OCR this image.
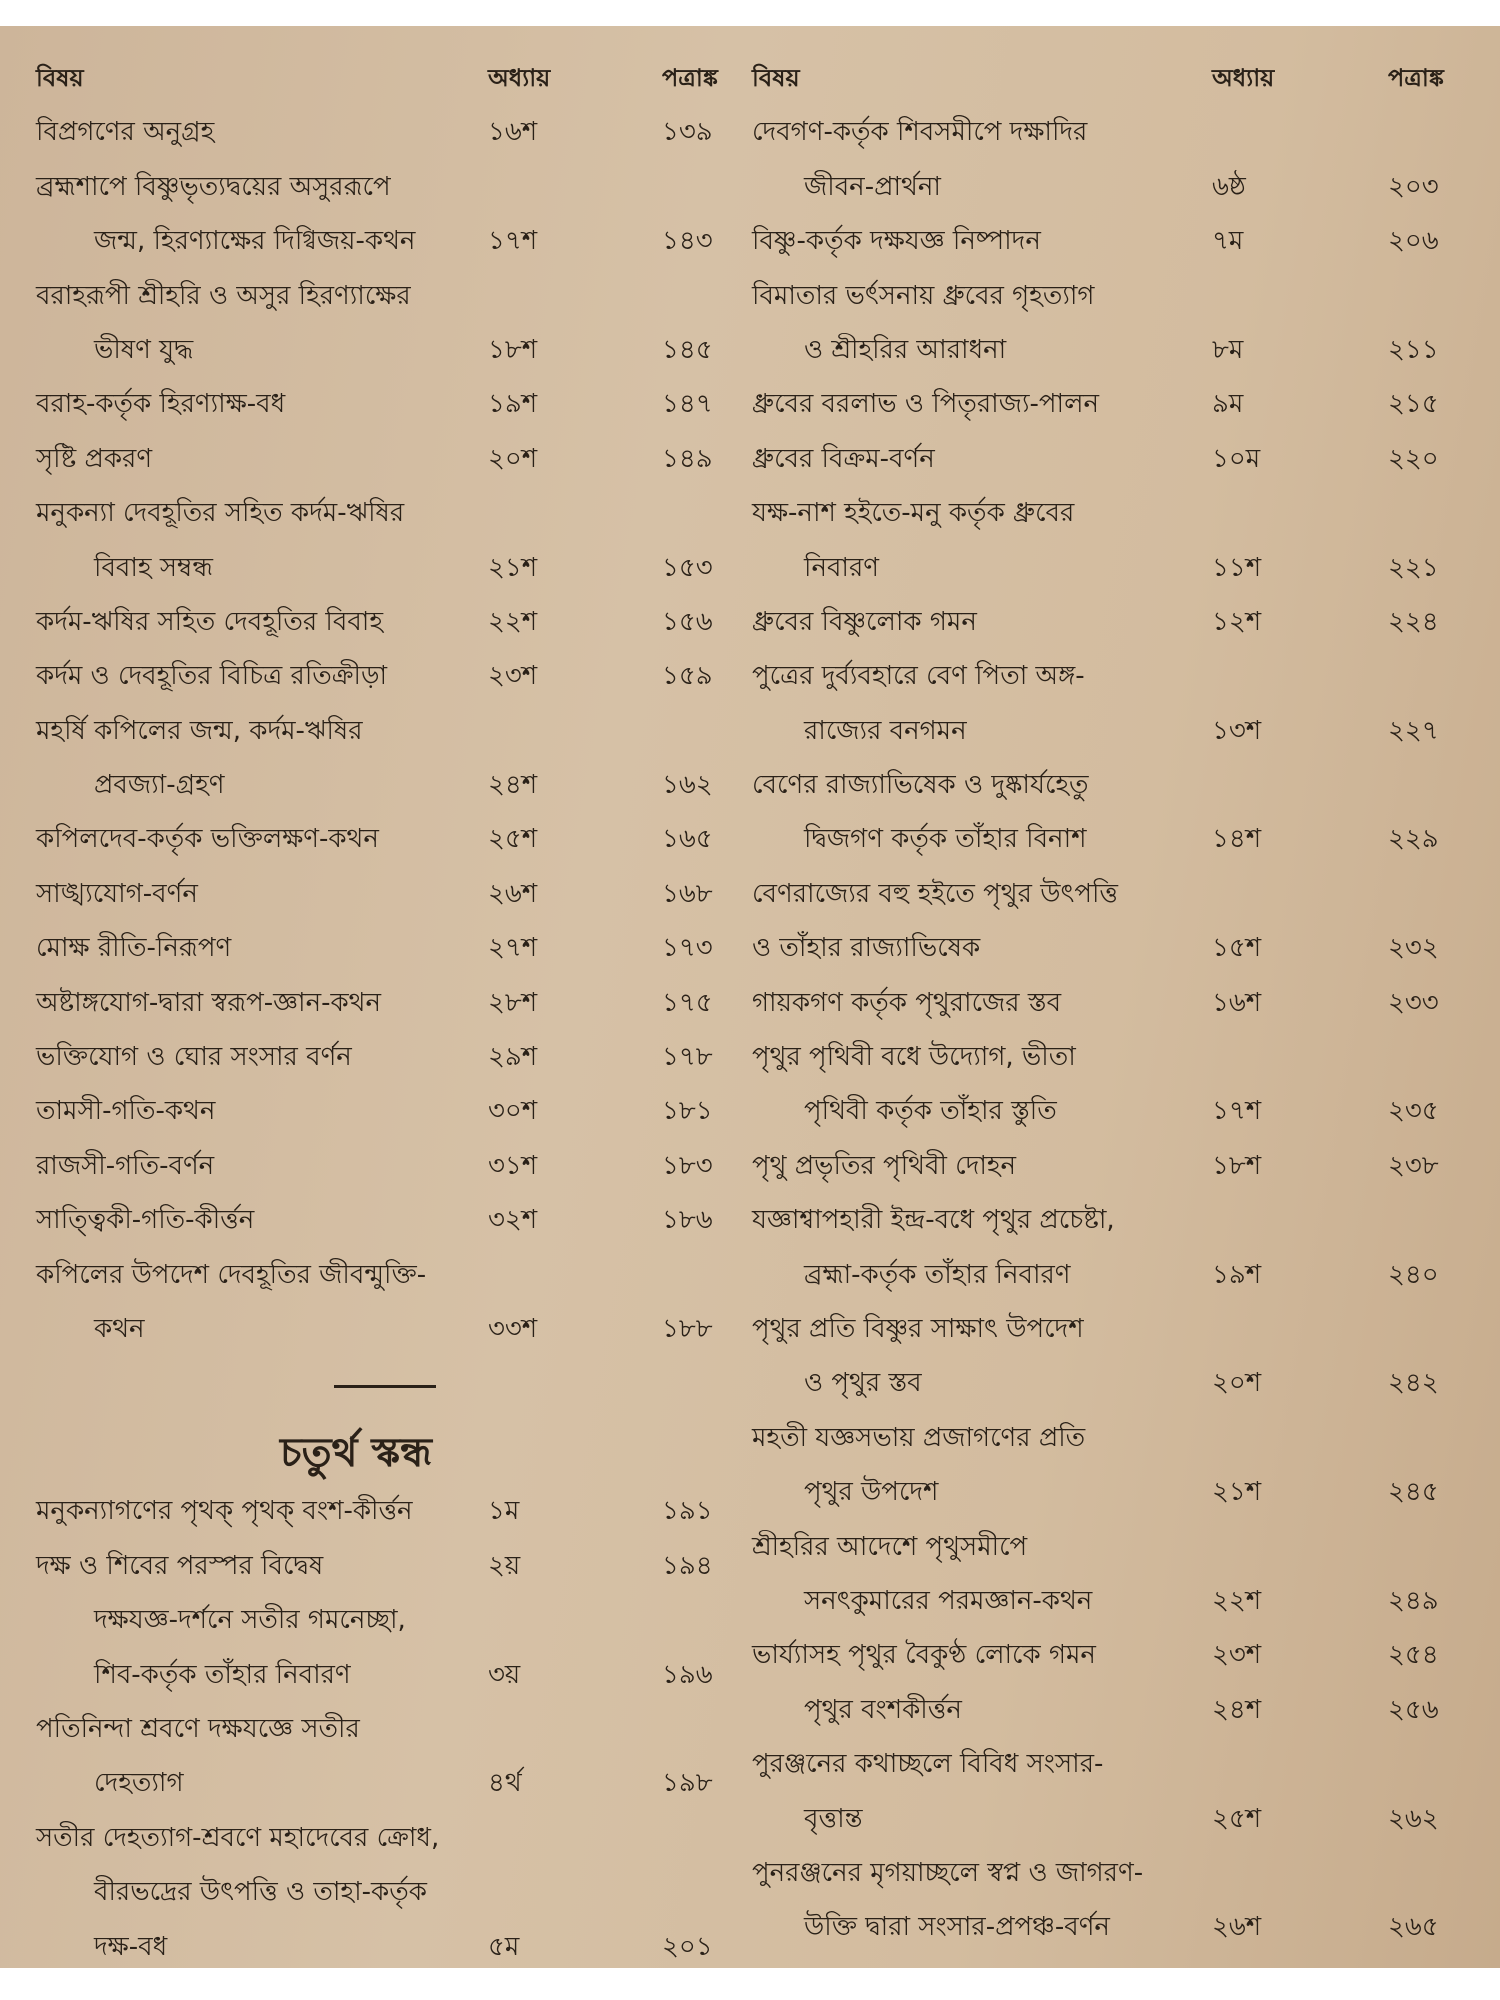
বিষয়	অধ্যায়	পত্রাঙ্ক
বিপ্রগণের অনুগ্রহ	১৬শ	১৩৯
ব্রহ্মশাপে বিষ্ণুভৃত্যদ্বয়ের অসুররূপে
জন্ম, হিরণ্যাক্ষের দিগ্বিজয়-কথন	১৭শ	১৪৩
বরাহরূপী শ্রীহরি ও অসুর হিরণ্যাক্ষের
ভীষণ যুদ্ধ	১৮শ	১৪৫
বরাহ-কর্তৃক হিরণ্যাক্ষ-বধ	১৯শ	১৪৭
সৃষ্টি প্রকরণ	২০শ	১৪৯
মনুকন্যা দেবহূতির সহিত কর্দম-ঋষির
বিবাহ সম্বন্ধ	২১শ	১৫৩
কর্দম-ঋষির সহিত দেবহূতির বিবাহ	২২শ	১৫৬
কর্দম ও দেবহূতির বিচিত্র রতিক্রীড়া	২৩শ	১৫৯
মহর্ষি কপিলের জন্ম, কর্দম-ঋষির
প্রবজ্যা-গ্রহণ	২৪শ	১৬২
কপিলদেব-কর্তৃক ভক্তিলক্ষণ-কথন	২৫শ	১৬৫
সাঙ্খ্যযোগ-বর্ণন	২৬শ	১৬৮
মোক্ষ রীতি-নিরূপণ	২৭শ	১৭৩
অষ্টাঙ্গযোগ-দ্বারা স্বরূপ-জ্ঞান-কথন	২৮শ	১৭৫
ভক্তিযোগ ও ঘোর সংসার বর্ণন	২৯শ	১৭৮
তামসী-গতি-কথন	৩০শ	১৮১
রাজসী-গতি-বর্ণন	৩১শ	১৮৩
সাত্ত্বিকী-গতি-কীর্ত্তন	৩২শ	১৮৬
কপিলের উপদেশ দেবহূতির জীবন্মুক্তি-
কথন	৩৩শ	১৮৮
চতুর্থ স্কন্ধ
মনুকন্যাগণের পৃথক্ পৃথক্ বংশ-কীর্ত্তন	১ম	১৯১
দক্ষ ও শিবের পরস্পর বিদ্বেষ	২য়	১৯৪
দক্ষযজ্ঞ-দর্শনে সতীর গমনেচ্ছা,
শিব-কর্তৃক তাঁহার নিবারণ	৩য়	১৯৬
পতিনিন্দা শ্রবণে দক্ষযজ্ঞে সতীর
দেহত্যাগ	৪র্থ	১৯৮
সতীর দেহত্যাগ-শ্রবণে মহাদেবের ক্রোধ,
বীরভদ্রের উৎপত্তি ও তাহা-কর্তৃক
দক্ষ-বধ	৫ম	২০১
বিষয়	অধ্যায়	পত্রাঙ্ক
দেবগণ-কর্তৃক শিবসমীপে দক্ষাদির
জীবন-প্রার্থনা	৬ষ্ঠ	২০৩
বিষ্ণু-কর্তৃক দক্ষযজ্ঞ নিষ্পাদন	৭ম	২০৬
বিমাতার ভর্ৎসনায় ধ্রুবের গৃহত্যাগ
ও শ্রীহরির আরাধনা	৮ম	২১১
ধ্রুবের বরলাভ ও পিতৃরাজ্য-পালন	৯ম	২১৫
ধ্রুবের বিক্রম-বর্ণন	১০ম	২২০
যক্ষ-নাশ হইতে-মনু কর্তৃক ধ্রুবের
নিবারণ	১১শ	২২১
ধ্রুবের বিষ্ণুলোক গমন	১২শ	২২৪
পুত্রের দুর্ব্যবহারে বেণ পিতা অঙ্গ-
রাজ্যের বনগমন	১৩শ	২২৭
বেণের রাজ্যাভিষেক ও দুষ্কার্যহেতু
দ্বিজগণ কর্তৃক তাঁহার বিনাশ	১৪শ	২২৯
বেণরাজ্যের বহু হইতে পৃথুর উৎপত্তি
ও তাঁহার রাজ্যাভিষেক	১৫শ	২৩২
গায়কগণ কর্তৃক পৃথুরাজের স্তব	১৬শ	২৩৩
পৃথুর পৃথিবী বধে উদ্যোগ, ভীতা
পৃথিবী কর্তৃক তাঁহার স্তুতি	১৭শ	২৩৫
পৃথু প্রভৃতির পৃথিবী দোহন	১৮শ	২৩৮
যজ্ঞাশ্বাপহারী ইন্দ্র-বধে পৃথুর প্রচেষ্টা,
ব্রহ্মা-কর্তৃক তাঁহার নিবারণ	১৯শ	২৪০
পৃথুর প্রতি বিষ্ণুর সাক্ষাৎ উপদেশ
ও পৃথুর স্তব	২০শ	২৪২
মহতী যজ্ঞসভায় প্রজাগণের প্রতি
পৃথুর উপদেশ	২১শ	২৪৫
শ্রীহরির আদেশে পৃথুসমীপে
সনৎকুমারের পরমজ্ঞান-কথন	২২শ	২৪৯
ভার্য্যাসহ পৃথুর বৈকুণ্ঠ লোকে গমন	২৩শ	২৫৪
পৃথুর বংশকীর্ত্তন	২৪শ	২৫৬
পুরঞ্জনের কথাচ্ছলে বিবিধ সংসার-
বৃত্তান্ত	২৫শ	২৬২
পুনরঞ্জনের মৃগয়াচ্ছলে স্বপ্ন ও জাগরণ-
উক্তি দ্বারা সংসার-প্রপঞ্চ-বর্ণন	২৬শ	২৬৫
